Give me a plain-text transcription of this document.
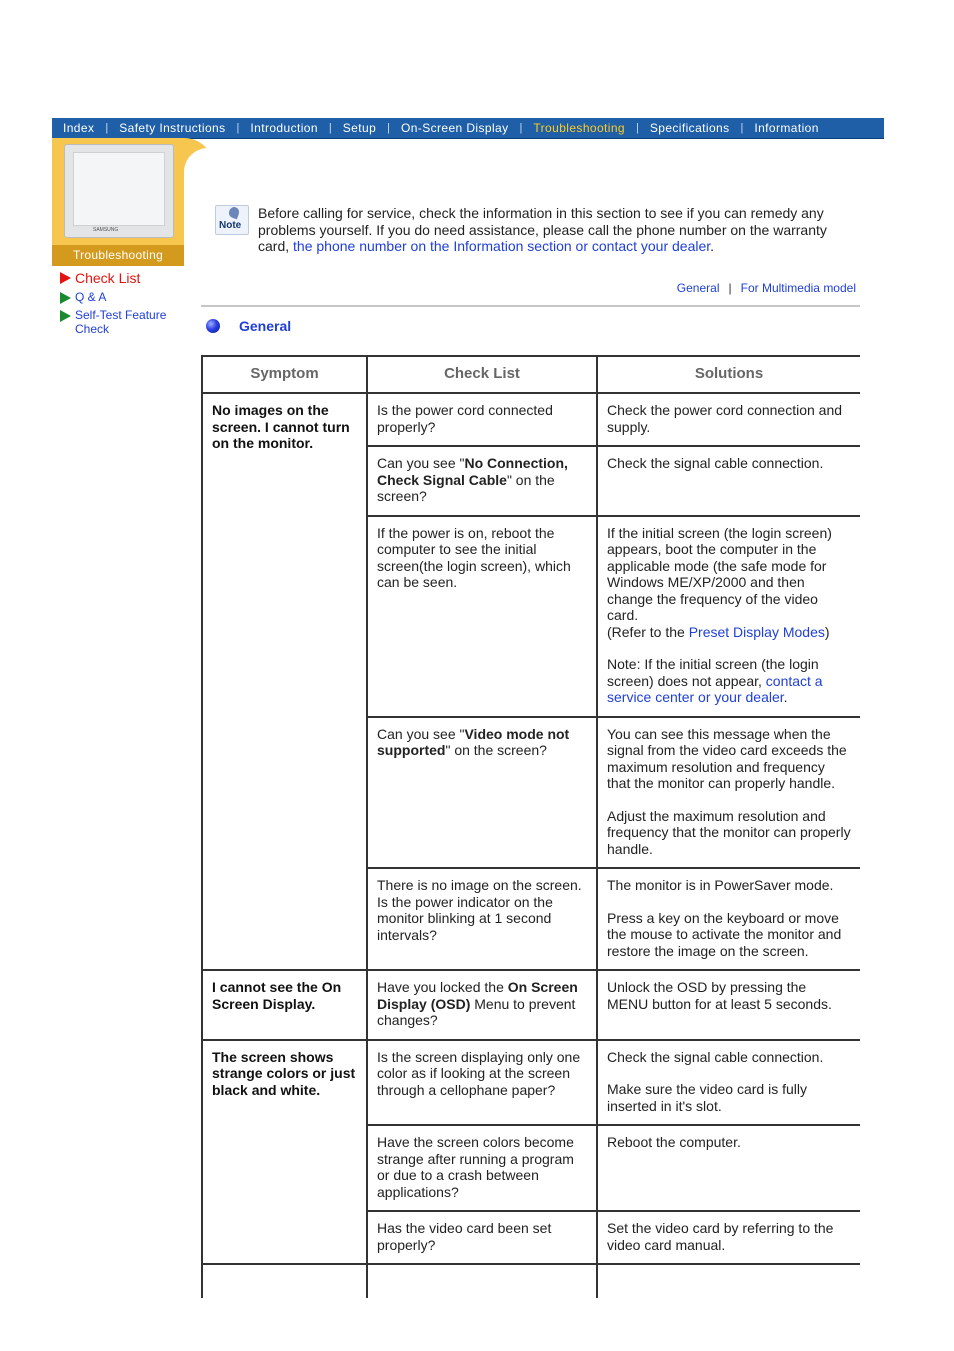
Index	| Safety Instructions	| Introduction	| Setup	| On-Screen Display	| Troubleshooting	| Specifications	| Information
SAMSUNG
Troubleshooting
Check List
Q & A
Self-Test Feature Check
Note
Before calling for service, check the information in this section to see if you can remedy any problems yourself. If you do need assistance, please call the phone number on the warranty card, the phone number on the Information section or contact your dealer.
General | For Multimedia model
General
Symptom	Check List	Solutions
No images on the screen. I cannot turn on the monitor.	Is the power cord connected properly?	Check the power cord connection and supply.

	Can you see "No Connection, Check Signal Cable" on the screen?	Check the signal cable connection.

	If the power is on, reboot the computer to see the initial screen(the login screen), which can be seen.	If the initial screen (the login screen) appears, boot the computer in the applicable mode (the safe mode for Windows ME/XP/2000 and then change the frequency of the video card.
(Refer to the Preset Display Modes)
Note: If the initial screen (the login screen) does not appear, contact a service center or your dealer.

	Can you see "Video mode not supported" on the screen?	You can see this message when the signal from the video card exceeds the maximum resolution and frequency that the monitor can properly handle.
Adjust the maximum resolution and frequency that the monitor can properly handle.

	There is no image on the screen. Is the power indicator on the monitor blinking at 1 second intervals?	The monitor is in PowerSaver mode.
Press a key on the keyboard or move the mouse to activate the monitor and restore the image on the screen.

I cannot see the On Screen Display.	Have you locked the On Screen Display (OSD) Menu to prevent changes?	Unlock the OSD by pressing the MENU button for at least 5 seconds.

The screen shows strange colors or just black and white.	Is the screen displaying only one color as if looking at the screen through a cellophane paper?	Check the signal cable connection.
Make sure the video card is fully inserted in it's slot.

	Have the screen colors become strange after running a program or due to a crash between applications?	Reboot the computer.

	Has the video card been set properly?	Set the video card by referring to the video card manual.
